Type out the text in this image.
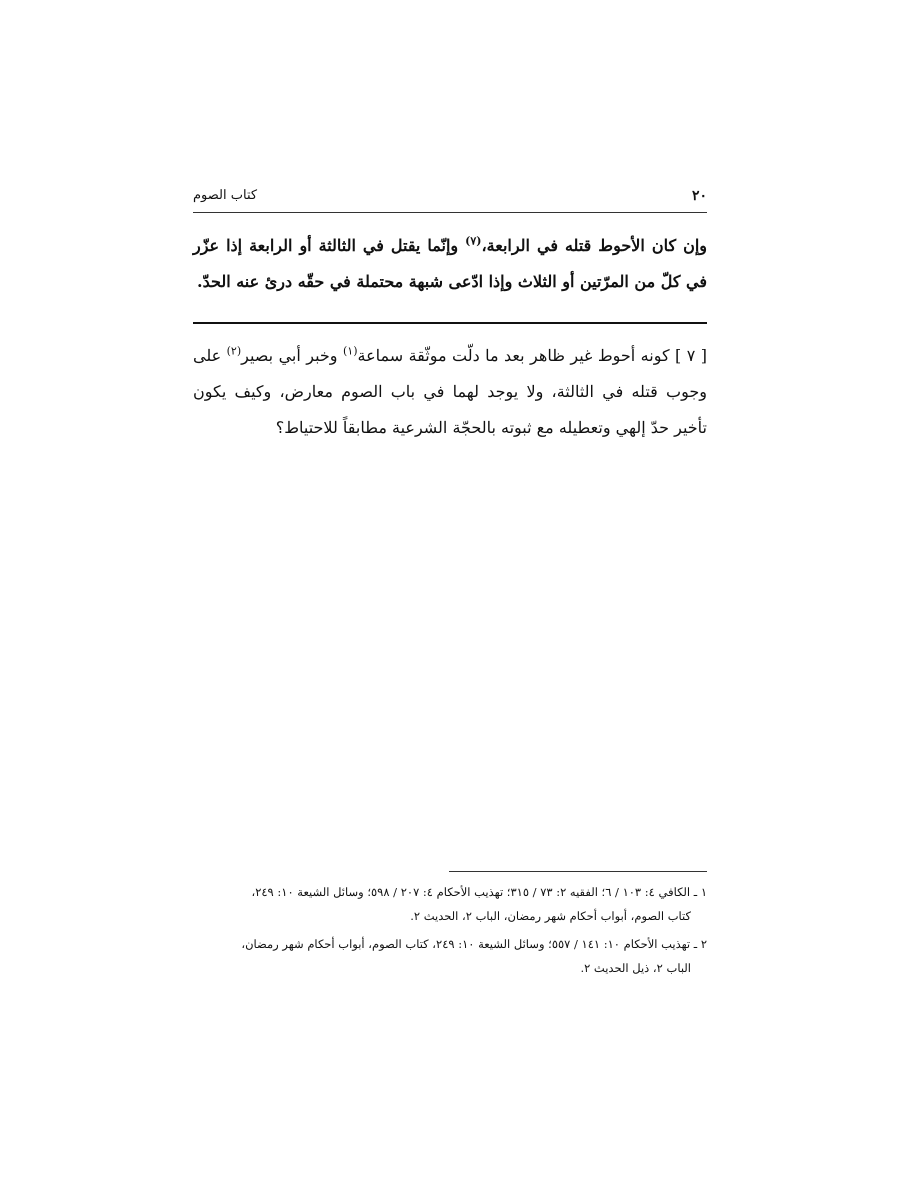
٢٠
كتاب الصوم

وإن كان الأحوط قتله في الرابعة،$^{(٧)}$ وإنّما يقتل في الثالثة أو الرابعة إذا عزّر في كلّ من المرّتين أو الثلاث وإذا ادّعى شبهة محتملة في حقّه درئ عنه الحدّ.

[ ٧ ] كونه أحوط غير ظاهر بعد ما دلّت موثّقة سماعة$^{(١)}$ وخبر أبي بصير$^{(٢)}$ على وجوب قتله في الثالثة، ولا يوجد لهما في باب الصوم معارض، وكيف يكون تأخير حدّ إلهي وتعطيله مع ثبوته بالحجّة الشرعية مطابقاً للاحتياط؟

١ ـ الكافي ٤: ١٠٣ / ٦؛ الفقيه ٢: ٧٣ / ٣١٥؛ تهذيب الأحكام ٤: ٢٠٧ / ٥٩٨؛ وسائل الشيعة ١٠: ٢٤٩،
كتاب الصوم، أبواب أحكام شهر رمضان، الباب ٢، الحديث ٢.

٢ ـ تهذيب الأحكام ١٠: ١٤١ / ٥٥٧؛ وسائل الشيعة ١٠: ٢٤٩، كتاب الصوم، أبواب أحكام شهر رمضان،
الباب ٢، ذيل الحديث ٢.
